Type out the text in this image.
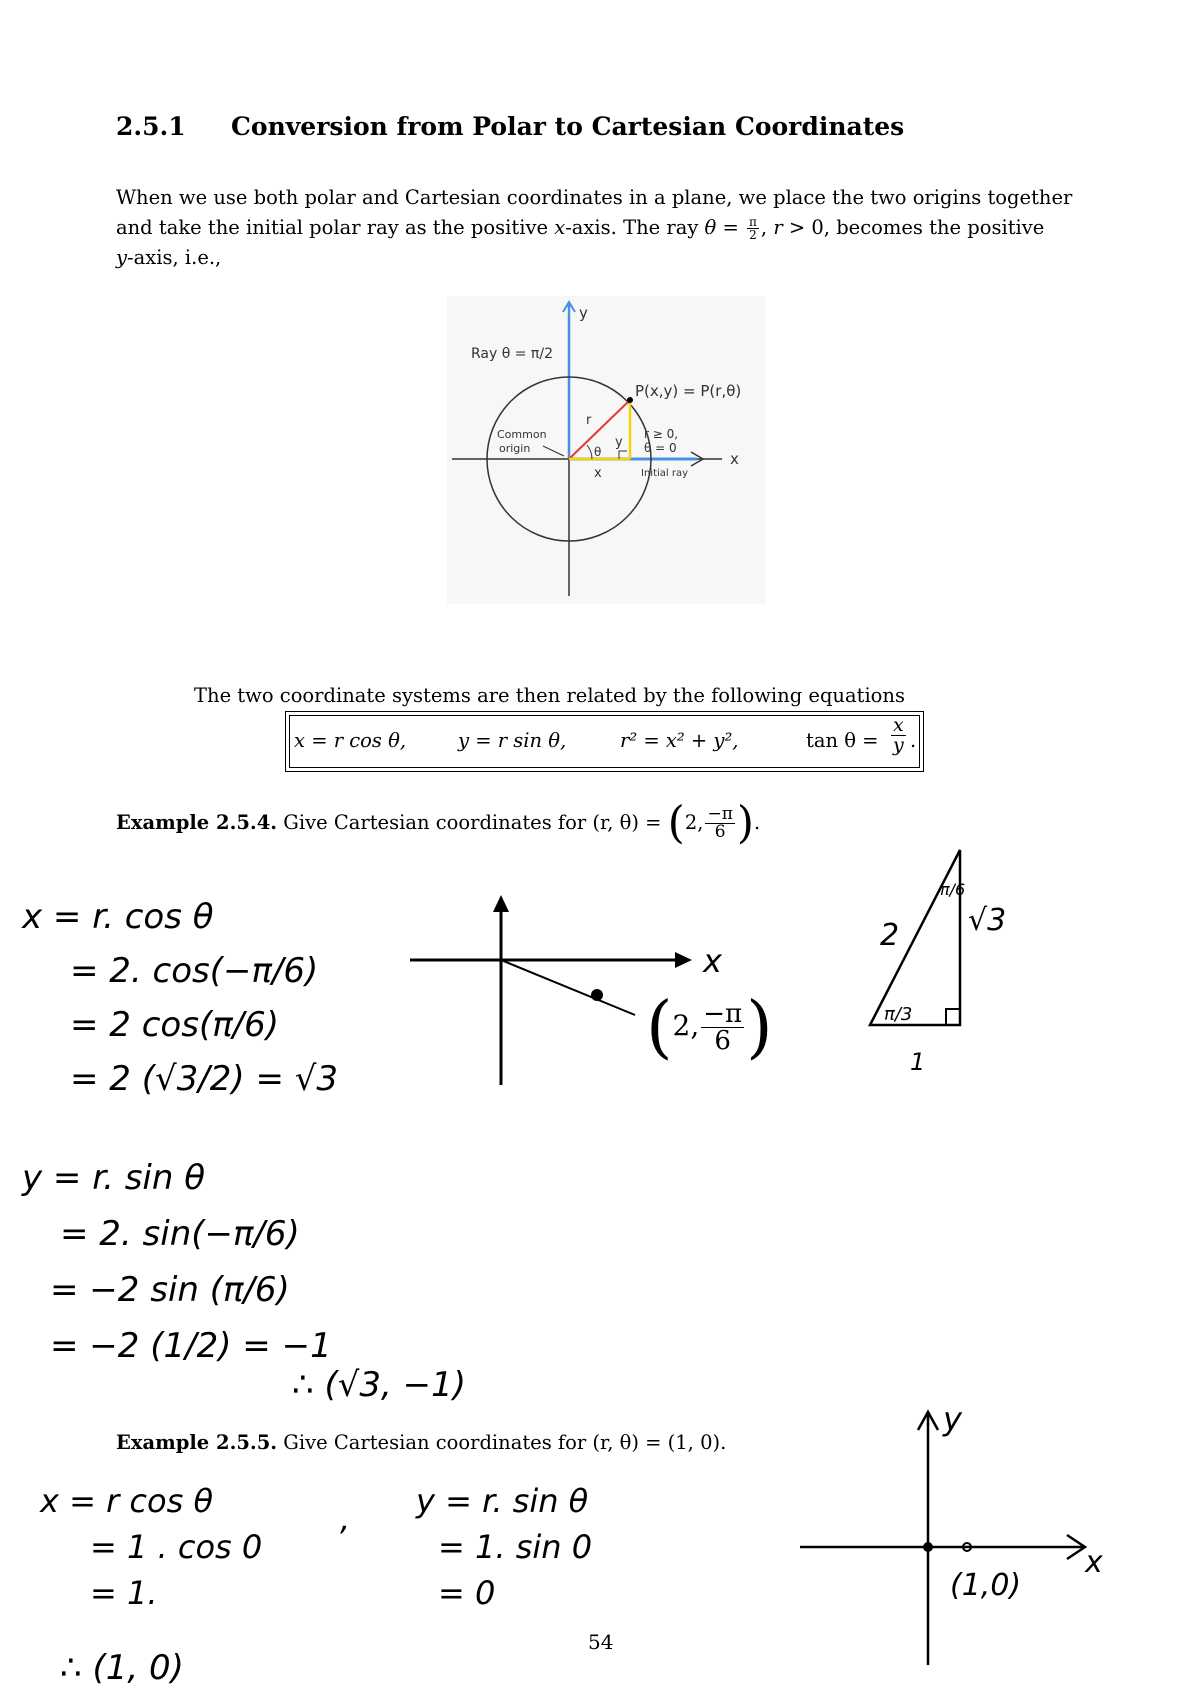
2.5.1 Conversion from Polar to Cartesian Coordinates
When we use both polar and Cartesian coordinates in a plane, we place the two origins together
and take the initial polar ray as the positive x-axis. The ray $\theta = \frac{\pi}{2}$ , r > 0, becomes the positive
y-axis, i.e.,
Ray θ = π/2
y
x
P(x,y) = P(r,θ)
r
y
x
θ
Common
origin
r ≥ 0,
θ = 0
Initial ray
The two coordinate systems are then related by the following equations
x = r cos θ,	y = r sin θ,	r² = x² + y²,	$\tan \theta = \frac{x}{y}$ .
Example 2.5.4. Give Cartesian coordinates for (r, θ) = (2, $\frac{-\pi}{6}$ ).
x = r. cos θ
= 2. cos(−π/6)
= 2 cos(π/6)
= 2 (√3/2) = √3
x
(2, $\frac{-\pi}{6}$ )
2
π/6
√3
π/3
1
y = r. sin θ
= 2. sin(−π/6)
= −2 sin (π/6)
= −2 (1/2) = −1
∴ (√3, −1)
Example 2.5.5. Give Cartesian coordinates for (r, θ) = (1, 0).
x = r cos θ
= 1 . cos 0
= 1.
, y = r. sin θ
= 1. sin 0
= 0
∴ (1, 0)
y
x
(1,0)
54
